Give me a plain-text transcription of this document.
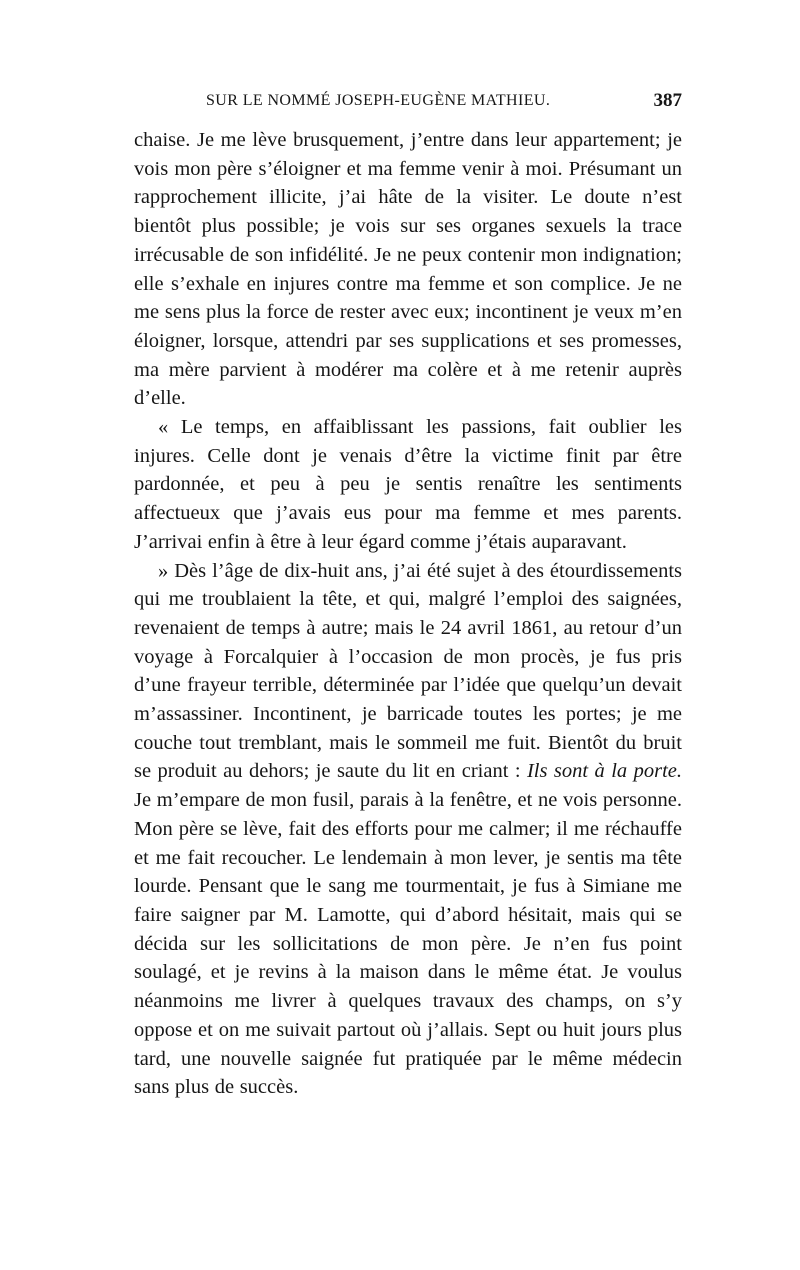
SUR LE NOMMÉ JOSEPH-EUGÈNE MATHIEU.	387

chaise. Je me lève brusquement, j’entre dans leur appartement; je vois mon père s’éloigner et ma femme venir à moi. Présumant un rapprochement illicite, j’ai hâte de la visiter. Le doute n’est bientôt plus possible; je vois sur ses organes sexuels la trace irrécusable de son infidélité. Je ne peux contenir mon indignation; elle s’exhale en injures contre ma femme et son complice. Je ne me sens plus la force de rester avec eux; incontinent je veux m’en éloigner, lorsque, attendri par ses supplications et ses promesses, ma mère parvient à modérer ma colère et à me retenir auprès d’elle.

« Le temps, en affaiblissant les passions, fait oublier les injures. Celle dont je venais d’être la victime finit par être pardonnée, et peu à peu je sentis renaître les sentiments affectueux que j’avais eus pour ma femme et mes parents. J’arrivai enfin à être à leur égard comme j’étais auparavant.

» Dès l’âge de dix-huit ans, j’ai été sujet à des étourdissements qui me troublaient la tête, et qui, malgré l’emploi des saignées, revenaient de temps à autre; mais le 24 avril 1861, au retour d’un voyage à Forcalquier à l’occasion de mon procès, je fus pris d’une frayeur terrible, déterminée par l’idée que quelqu’un devait m’assassiner. Incontinent, je barricade toutes les portes; je me couche tout tremblant, mais le sommeil me fuit. Bientôt du bruit se produit au dehors; je saute du lit en criant : Ils sont à la porte. Je m’empare de mon fusil, parais à la fenêtre, et ne vois personne. Mon père se lève, fait des efforts pour me calmer; il me réchauffe et me fait recoucher. Le lendemain à mon lever, je sentis ma tête lourde. Pensant que le sang me tourmentait, je fus à Simiane me faire saigner par M. Lamotte, qui d’abord hésitait, mais qui se décida sur les sollicitations de mon père. Je n’en fus point soulagé, et je revins à la maison dans le même état. Je voulus néanmoins me livrer à quelques travaux des champs, on s’y oppose et on me suivait partout où j’allais. Sept ou huit jours plus tard, une nouvelle saignée fut pratiquée par le même médecin sans plus de succès.
